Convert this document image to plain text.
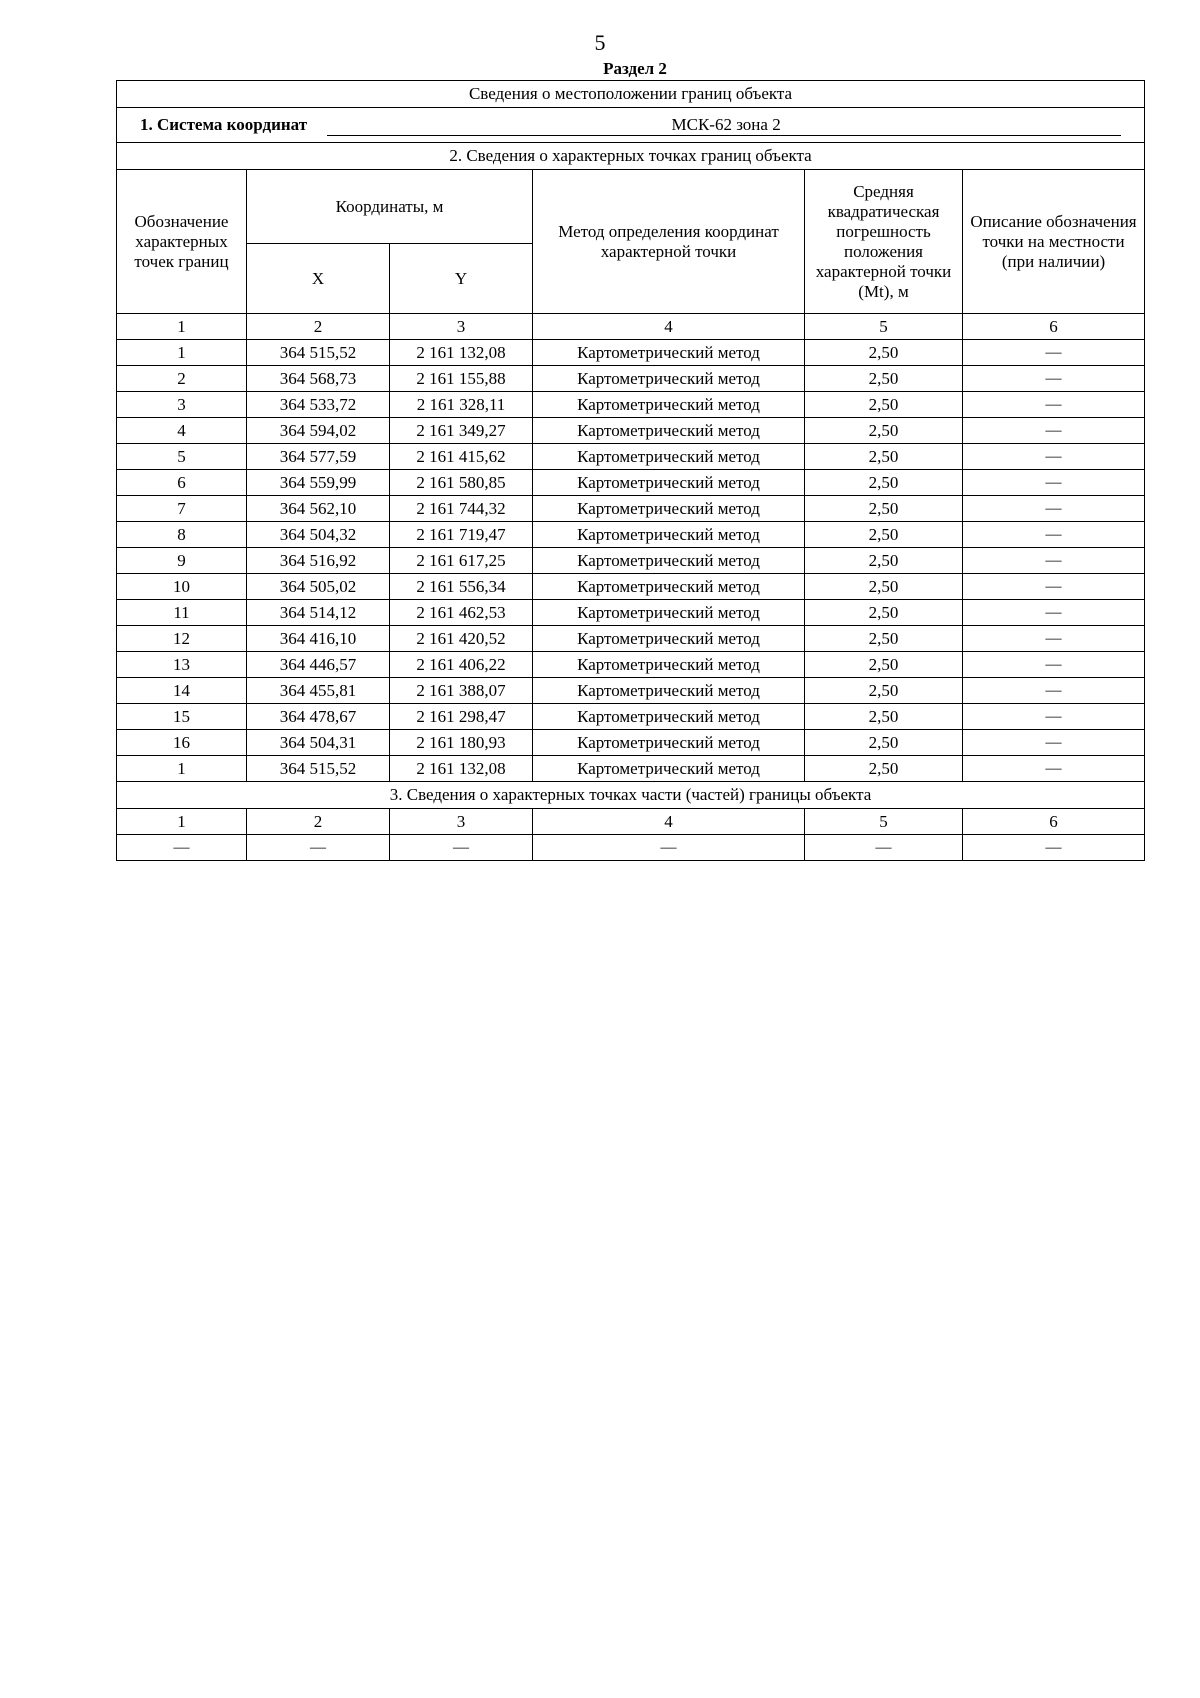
5
Раздел 2
Сведения о местоположении границ объекта					
1. Система координат МСК-62 зона 2					
2. Сведения о характерных точках границ объекта					
Обозначение характерных точек границ	Координаты, м		Метод определения координат характерной точки	Средняя квадратическая погрешность положения характерной точки (Mt), м	Описание обозначения точки на местности (при наличии)
	X	Y			
1	2	3	4	5	6
1	364 515,52	2 161 132,08	Картометрический метод	2,50	—
2	364 568,73	2 161 155,88	Картометрический метод	2,50	—
3	364 533,72	2 161 328,11	Картометрический метод	2,50	—
4	364 594,02	2 161 349,27	Картометрический метод	2,50	—
5	364 577,59	2 161 415,62	Картометрический метод	2,50	—
6	364 559,99	2 161 580,85	Картометрический метод	2,50	—
7	364 562,10	2 161 744,32	Картометрический метод	2,50	—
8	364 504,32	2 161 719,47	Картометрический метод	2,50	—
9	364 516,92	2 161 617,25	Картометрический метод	2,50	—
10	364 505,02	2 161 556,34	Картометрический метод	2,50	—
11	364 514,12	2 161 462,53	Картометрический метод	2,50	—
12	364 416,10	2 161 420,52	Картометрический метод	2,50	—
13	364 446,57	2 161 406,22	Картометрический метод	2,50	—
14	364 455,81	2 161 388,07	Картометрический метод	2,50	—
15	364 478,67	2 161 298,47	Картометрический метод	2,50	—
16	364 504,31	2 161 180,93	Картометрический метод	2,50	—
1	364 515,52	2 161 132,08	Картометрический метод	2,50	—
3. Сведения о характерных точках части (частей) границы объекта					
1	2	3	4	5	6
—	—	—	—	—	—
